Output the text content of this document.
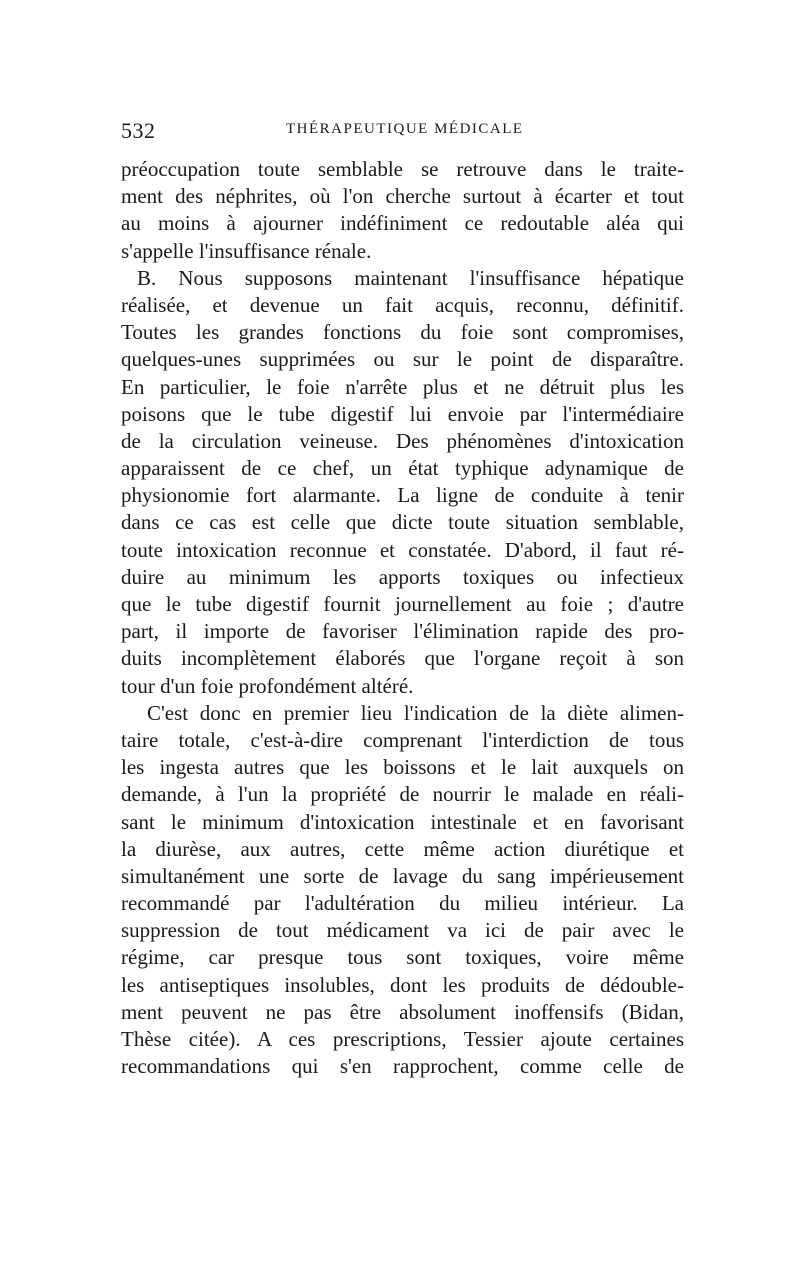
532	THÉRAPEUTIQUE MÉDICALE
préoccupation toute semblable se retrouve dans le traite-
ment des néphrites, où l'on cherche surtout à écarter et tout
au moins à ajourner indéfiniment ce redoutable aléa qui
s'appelle l'insuffisance rénale.
B. Nous supposons maintenant l'insuffisance hépatique
réalisée, et devenue un fait acquis, reconnu, définitif.
Toutes les grandes fonctions du foie sont compromises,
quelques-unes supprimées ou sur le point de disparaître.
En particulier, le foie n'arrête plus et ne détruit plus les
poisons que le tube digestif lui envoie par l'intermédiaire
de la circulation veineuse. Des phénomènes d'intoxication
apparaissent de ce chef, un état typhique adynamique de
physionomie fort alarmante. La ligne de conduite à tenir
dans ce cas est celle que dicte toute situation semblable,
toute intoxication reconnue et constatée. D'abord, il faut ré-
duire au minimum les apports toxiques ou infectieux
que le tube digestif fournit journellement au foie ; d'autre
part, il importe de favoriser l'élimination rapide des pro-
duits incomplètement élaborés que l'organe reçoit à son
tour d'un foie profondément altéré.
C'est donc en premier lieu l'indication de la diète alimen-
taire totale, c'est-à-dire comprenant l'interdiction de tous
les ingesta autres que les boissons et le lait auxquels on
demande, à l'un la propriété de nourrir le malade en réali-
sant le minimum d'intoxication intestinale et en favorisant
la diurèse, aux autres, cette même action diurétique et
simultanément une sorte de lavage du sang impérieusement
recommandé par l'adultération du milieu intérieur. La
suppression de tout médicament va ici de pair avec le
régime, car presque tous sont toxiques, voire même
les antiseptiques insolubles, dont les produits de dédouble-
ment peuvent ne pas être absolument inoffensifs (Bidan,
Thèse citée). A ces prescriptions, Tessier ajoute certaines
recommandations qui s'en rapprochent, comme celle de
